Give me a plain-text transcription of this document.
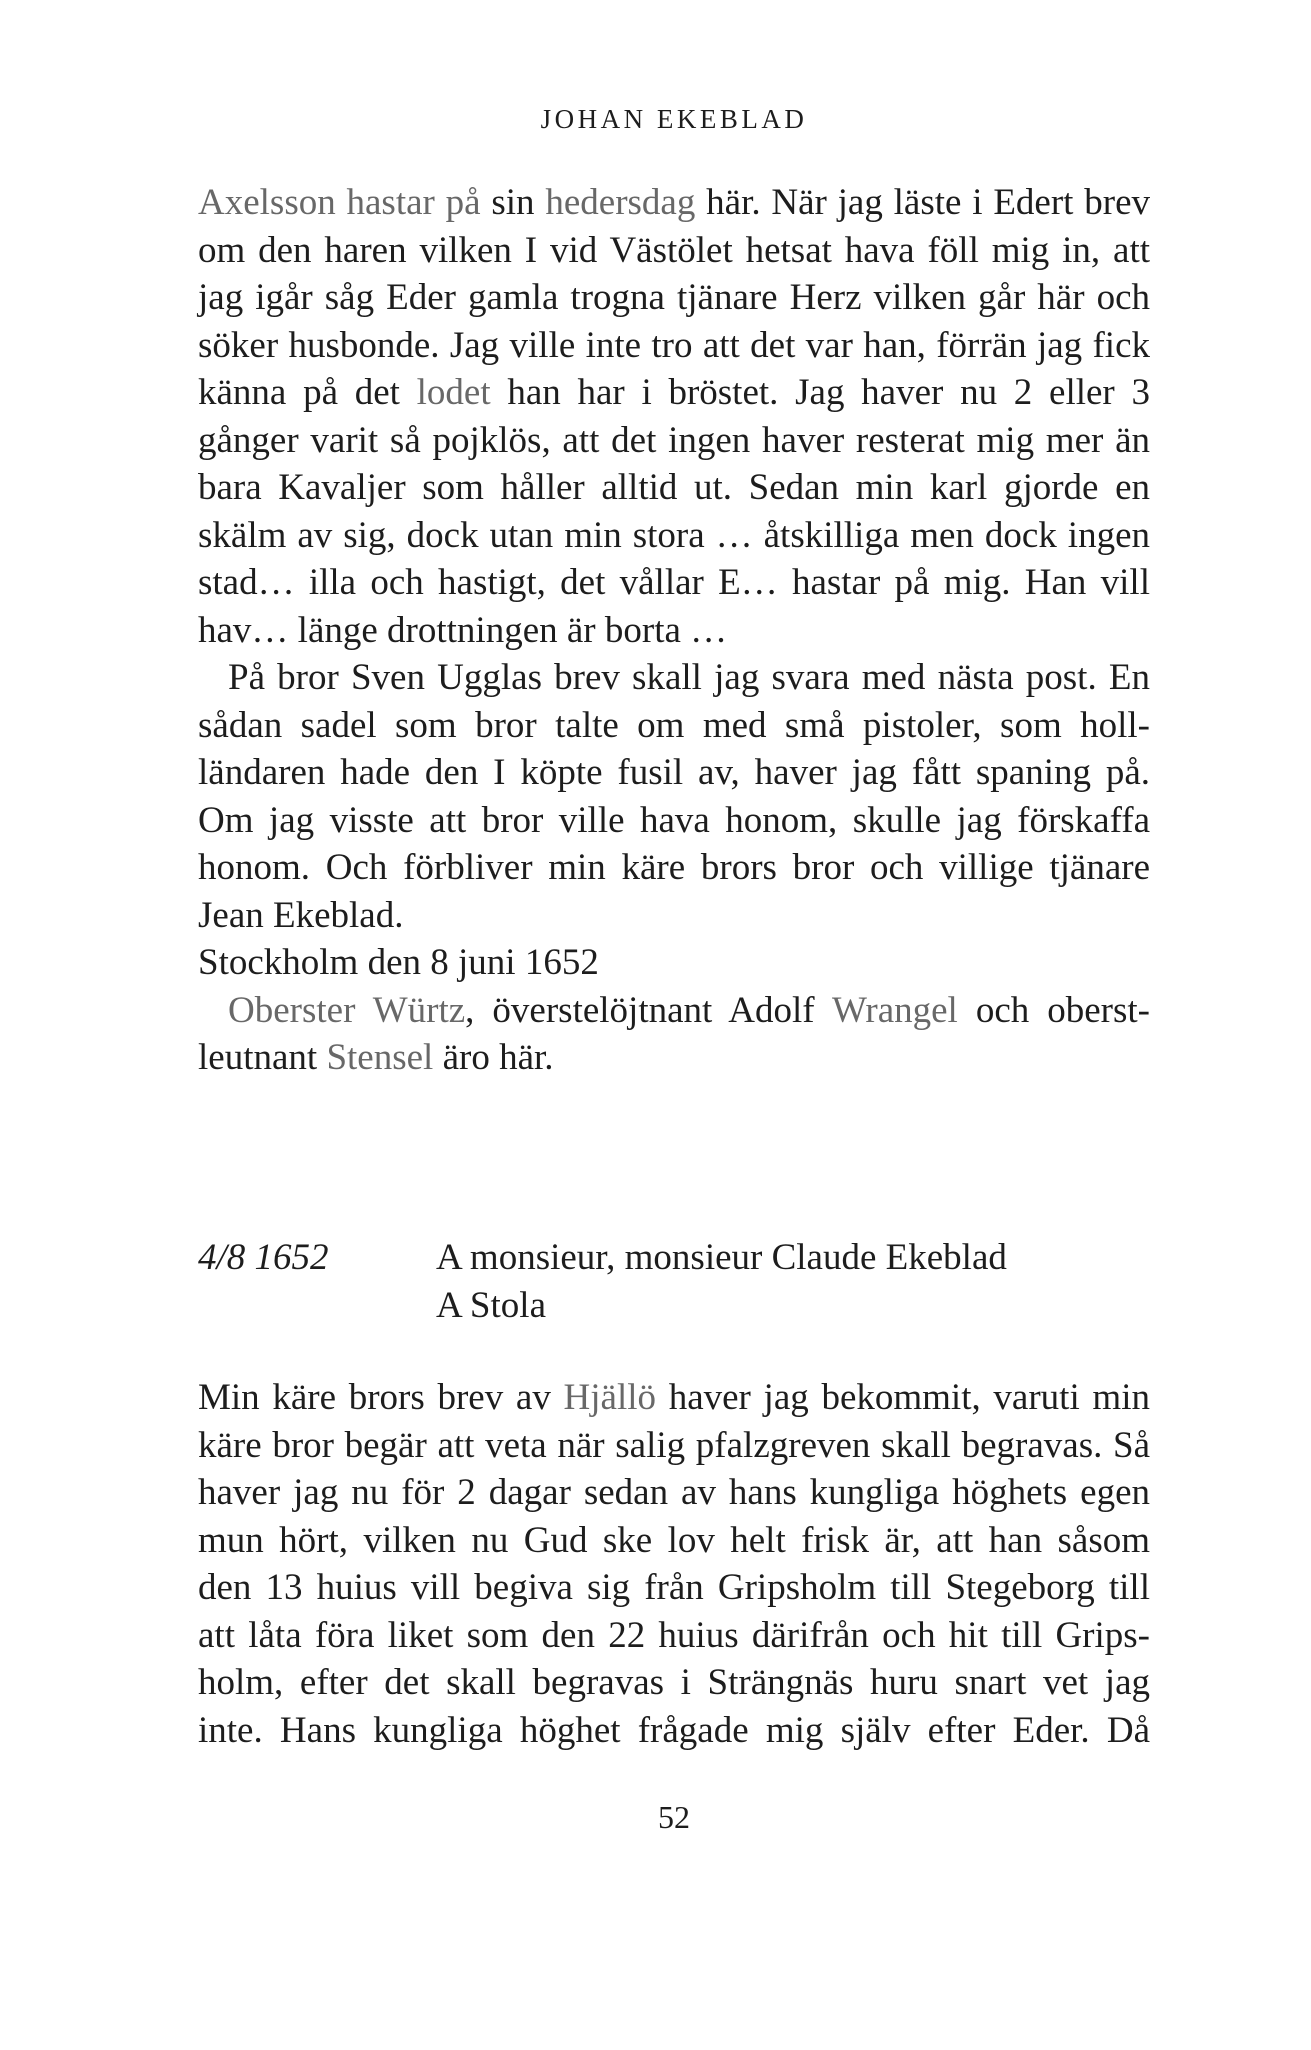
JOHAN EKEBLAD
Axelsson hastar på sin hedersdag här. När jag läste i Edert brev
om den haren vilken I vid Västölet hetsat hava föll mig in, att
jag igår såg Eder gamla trogna tjänare Herz vilken går här och
söker husbonde. Jag ville inte tro att det var han, förrän jag fick
känna på det lodet han har i bröstet. Jag haver nu 2 eller 3
gånger varit så pojklös, att det ingen haver resterat mig mer än
bara Kavaljer som håller alltid ut. Sedan min karl gjorde en
skälm av sig, dock utan min stora … åtskilliga men dock ingen
stad… illa och hastigt, det vållar E… hastar på mig. Han vill
hav… länge drottningen är borta …
På bror Sven Ugglas brev skall jag svara med nästa post. En
sådan sadel som bror talte om med små pistoler, som holl-
ländaren hade den I köpte fusil av, haver jag fått spaning på.
Om jag visste att bror ville hava honom, skulle jag förskaffa
honom. Och förbliver min käre brors bror och villige tjänare
Jean Ekeblad.
Stockholm den 8 juni 1652
Oberster Würtz, överstelöjtnant Adolf Wrangel och oberst-
leutnant Stensel äro här.
4/8 1652	A monsieur, monsieur Claude Ekeblad
A Stola
Min käre brors brev av Hjällö haver jag bekommit, varuti min
käre bror begär att veta när salig pfalzgreven skall begravas. Så
haver jag nu för 2 dagar sedan av hans kungliga höghets egen
mun hört, vilken nu Gud ske lov helt frisk är, att han såsom
den 13 huius vill begiva sig från Gripsholm till Stegeborg till
att låta föra liket som den 22 huius därifrån och hit till Grips-
holm, efter det skall begravas i Strängnäs huru snart vet jag
inte. Hans kungliga höghet frågade mig själv efter Eder. Då
52
